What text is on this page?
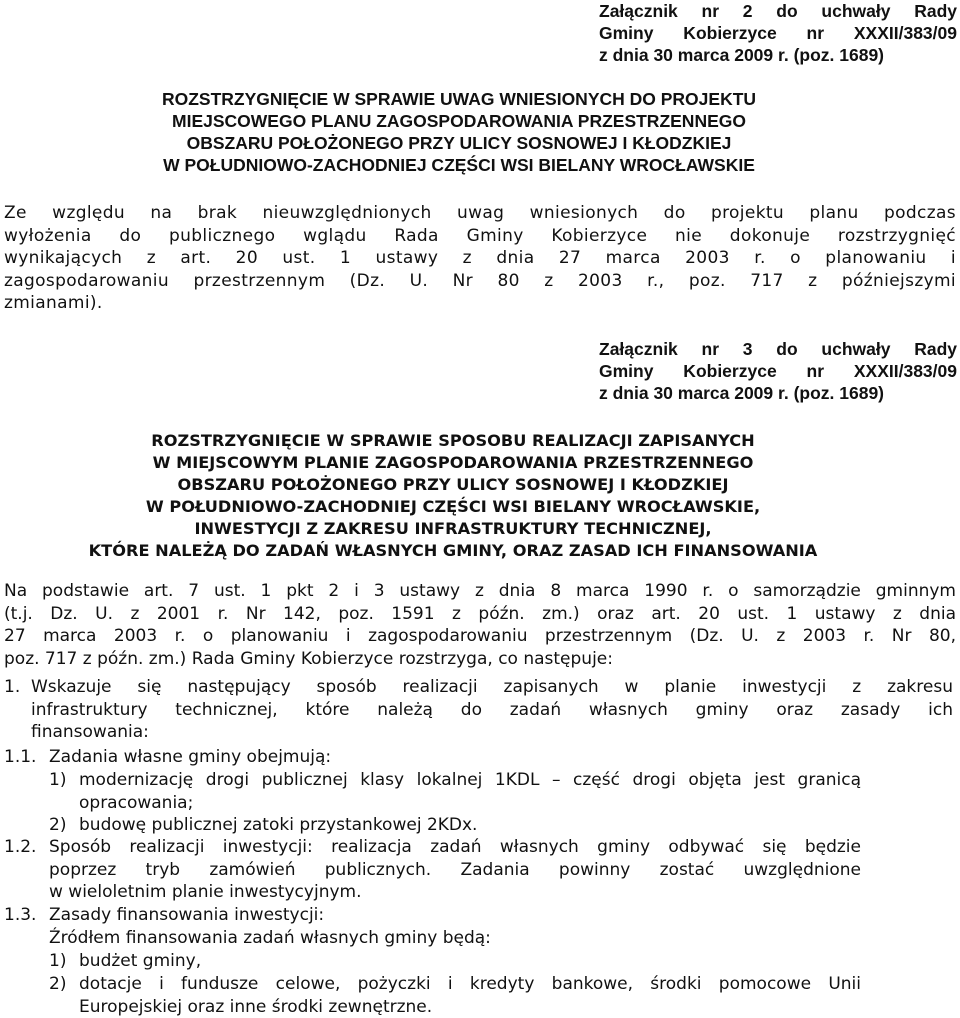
Załącznik nr 2 do uchwały Rady
Gminy Kobierzyce nr XXXII/383/09
z dnia 30 marca 2009 r. (poz. 1689)
ROZSTRZYGNIĘCIE W SPRAWIE UWAG WNIESIONYCH DO PROJEKTU
MIEJSCOWEGO PLANU ZAGOSPODAROWANIA PRZESTRZENNEGO
OBSZARU POŁOŻONEGO PRZY ULICY SOSNOWEJ I KŁODZKIEJ
W POŁUDNIOWO-ZACHODNIEJ CZĘŚCI WSI BIELANY WROCŁAWSKIE
Ze względu na brak nieuwzględnionych uwag wniesionych do projektu planu podczas
wyłożenia do publicznego wglądu Rada Gminy Kobierzyce nie dokonuje rozstrzygnięć
wynikających z art. 20 ust. 1 ustawy z dnia 27 marca 2003 r. o planowaniu i
zagospodarowaniu przestrzennym (Dz. U. Nr 80 z 2003 r., poz. 717 z późniejszymi
zmianami).
Załącznik nr 3 do uchwały Rady
Gminy Kobierzyce nr XXXII/383/09
z dnia 30 marca 2009 r. (poz. 1689)
ROZSTRZYGNIĘCIE W SPRAWIE SPOSOBU REALIZACJI ZAPISANYCH
W MIEJSCOWYM PLANIE ZAGOSPODAROWANIA PRZESTRZENNEGO
OBSZARU POŁOŻONEGO PRZY ULICY SOSNOWEJ I KŁODZKIEJ
W POŁUDNIOWO-ZACHODNIEJ CZĘŚCI WSI BIELANY WROCŁAWSKIE,
INWESTYCJI Z ZAKRESU INFRASTRUKTURY TECHNICZNEJ,
KTÓRE NALEŻĄ DO ZADAŃ WŁASNYCH GMINY, ORAZ ZASAD ICH FINANSOWANIA
Na podstawie art. 7 ust. 1 pkt 2 i 3 ustawy z dnia 8 marca 1990 r. o samorządzie gminnym
(t.j. Dz. U. z 2001 r. Nr 142, poz. 1591 z późn. zm.) oraz art. 20 ust. 1 ustawy z dnia
27 marca 2003 r. o planowaniu i zagospodarowaniu przestrzennym (Dz. U. z 2003 r. Nr 80,
poz. 717 z późn. zm.) Rada Gminy Kobierzyce rozstrzyga, co następuje:
1. Wskazuje się następujący sposób realizacji zapisanych w planie inwestycji z zakresu
infrastruktury technicznej, które należą do zadań własnych gminy oraz zasady ich
finansowania:
1.1. Zadania własne gminy obejmują:
1) modernizację drogi publicznej klasy lokalnej 1KDL – część drogi objęta jest granicą
opracowania;
2) budowę publicznej zatoki przystankowej 2KDx.
1.2. Sposób realizacji inwestycji: realizacja zadań własnych gminy odbywać się będzie
poprzez tryb zamówień publicznych. Zadania powinny zostać uwzględnione
w wieloletnim planie inwestycyjnym.
1.3. Zasady finansowania inwestycji:
Źródłem finansowania zadań własnych gminy będą:
1) budżet gminy,
2) dotacje i fundusze celowe, pożyczki i kredyty bankowe, środki pomocowe Unii
Europejskiej oraz inne środki zewnętrzne.
